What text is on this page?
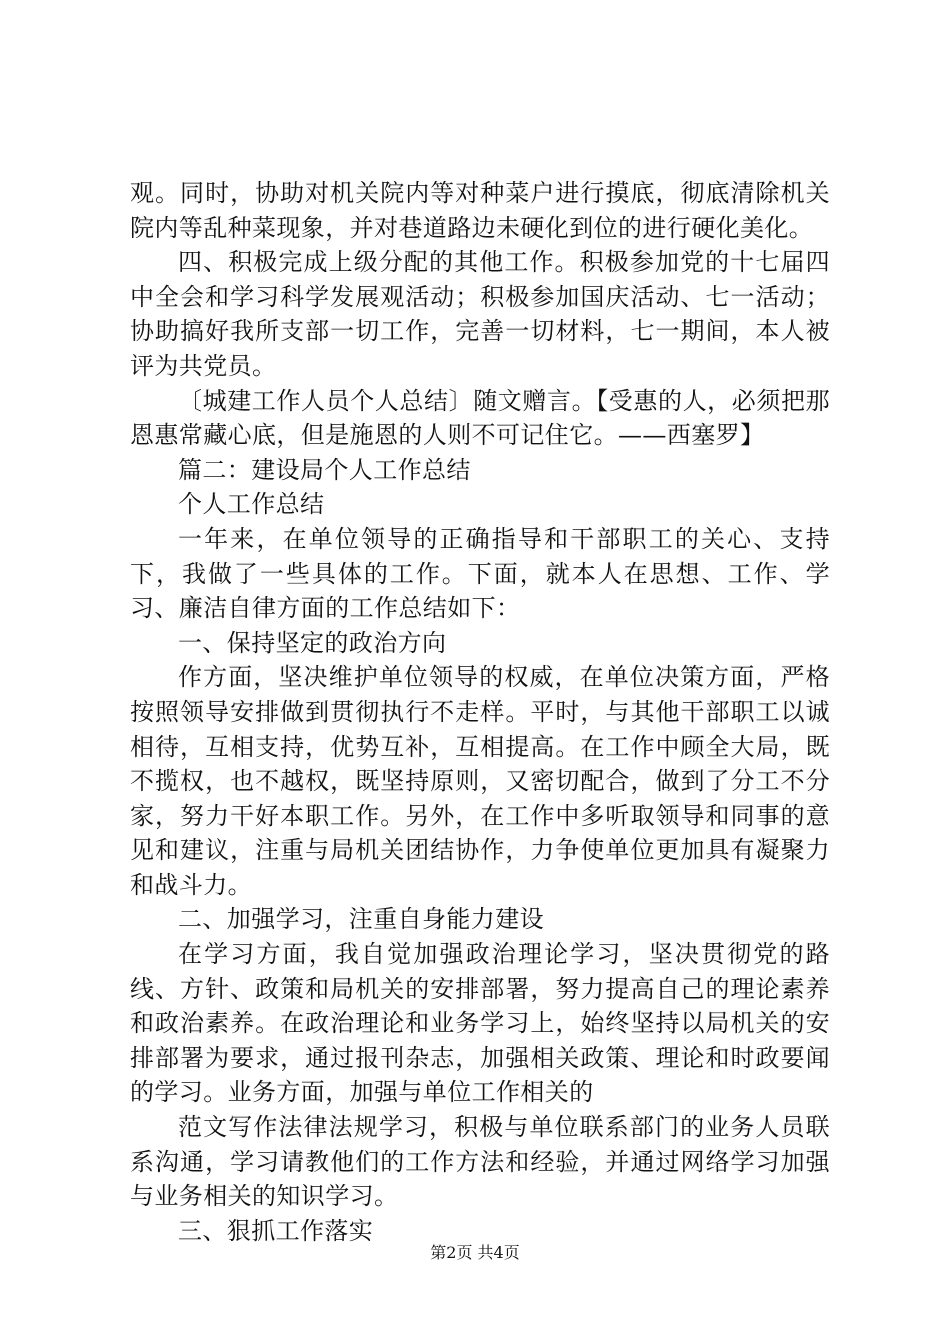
观。同时，协助对机关院内等对种菜户进行摸底，彻底清除机关院内等乱种菜现象，并对巷道路边未硬化到位的进行硬化美化。

四、积极完成上级分配的其他工作。积极参加党的十七届四中全会和学习科学发展观活动；积极参加国庆活动、七一活动；协助搞好我所支部一切工作，完善一切材料，七一期间，本人被评为共党员。

〔城建工作人员个人总结〕随文赠言。【受惠的人，必须把那恩惠常藏心底，但是施恩的人则不可记住它。——西塞罗】

篇二：建设局个人工作总结

个人工作总结

一年来，在单位领导的正确指导和干部职工的关心、支持下，我做了一些具体的工作。下面，就本人在思想、工作、学习、廉洁自律方面的工作总结如下：

一、保持坚定的政治方向

作方面，坚决维护单位领导的权威，在单位决策方面，严格按照领导安排做到贯彻执行不走样。平时，与其他干部职工以诚相待，互相支持，优势互补，互相提高。在工作中顾全大局，既不揽权，也不越权，既坚持原则，又密切配合，做到了分工不分家，努力干好本职工作。另外，在工作中多听取领导和同事的意见和建议，注重与局机关团结协作，力争使单位更加具有凝聚力和战斗力。

二、加强学习，注重自身能力建设

在学习方面，我自觉加强政治理论学习，坚决贯彻党的路线、方针、政策和局机关的安排部署，努力提高自己的理论素养和政治素养。在政治理论和业务学习上，始终坚持以局机关的安排部署为要求，通过报刊杂志，加强相关政策、理论和时政要闻的学习。业务方面，加强与单位工作相关的

范文写作法律法规学习，积极与单位联系部门的业务人员联系沟通，学习请教他们的工作方法和经验，并通过网络学习加强与业务相关的知识学习。

三、狠抓工作落实

第2页 共4页
